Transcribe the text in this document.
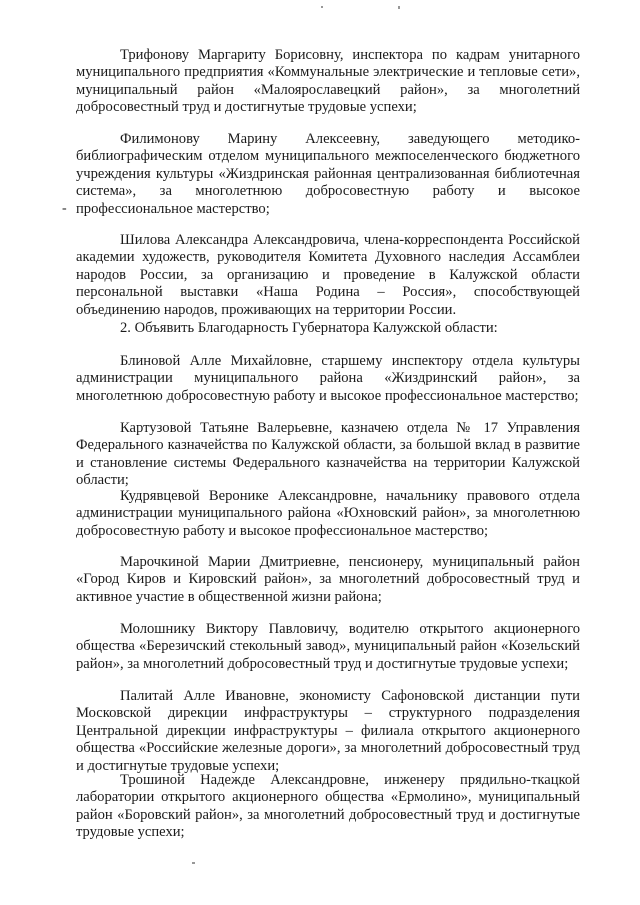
-

Трифонову Маргариту Борисовну, инспектора по кадрам унитарного муниципального предприятия «Коммунальные электрические и тепловые сети», муниципальный район «Малоярославецкий район», за многолетний добросовестный труд и достигнутые трудовые успехи;

Филимонову Марину Алексеевну, заведующего методико-библиографическим отделом муниципального межпоселенческого бюджетного учреждения культуры «Жиздринская районная централизованная библиотечная система», за многолетнюю добросовестную работу и высокое профессиональное мастерство;

Шилова Александра Александровича, члена-корреспондента Российской академии художеств, руководителя Комитета Духовного наследия Ассамблеи народов России, за организацию и проведение в Калужской области персональной выставки «Наша Родина – Россия», способствующей объединению народов, проживающих на территории России.

2. Объявить Благодарность Губернатора Калужской области:

Блиновой Алле Михайловне, старшему инспектору отдела культуры администрации муниципального района «Жиздринский район», за многолетнюю добросовестную работу и высокое профессиональное мастерство;

Картузовой Татьяне Валерьевне, казначею отдела № 17 Управления Федерального казначейства по Калужской области, за большой вклад в развитие и становление системы Федерального казначейства на территории Калужской области;

Кудрявцевой Веронике Александровне, начальнику правового отдела администрации муниципального района «Юхновский район», за многолетнюю добросовестную работу и высокое профессиональное мастерство;

Марочкиной Марии Дмитриевне, пенсионеру, муниципальный район «Город Киров и Кировский район», за многолетний добросовестный труд и активное участие в общественной жизни района;

Молошнику Виктору Павловичу, водителю открытого акционерного общества «Березичский стекольный завод», муниципальный район «Козельский район», за многолетний добросовестный труд и достигнутые трудовые успехи;

Палитай Алле Ивановне, экономисту Сафоновской дистанции пути Московской дирекции инфраструктуры – структурного подразделения Центральной дирекции инфраструктуры – филиала открытого акционерного общества «Российские железные дороги», за многолетний добросовестный труд и достигнутые трудовые успехи;

Трошиной Надежде Александровне, инженеру прядильно-ткацкой лаборатории открытого акционерного общества «Ермолино», муниципальный район «Боровский район», за многолетний добросовестный труд и достигнутые трудовые успехи;
